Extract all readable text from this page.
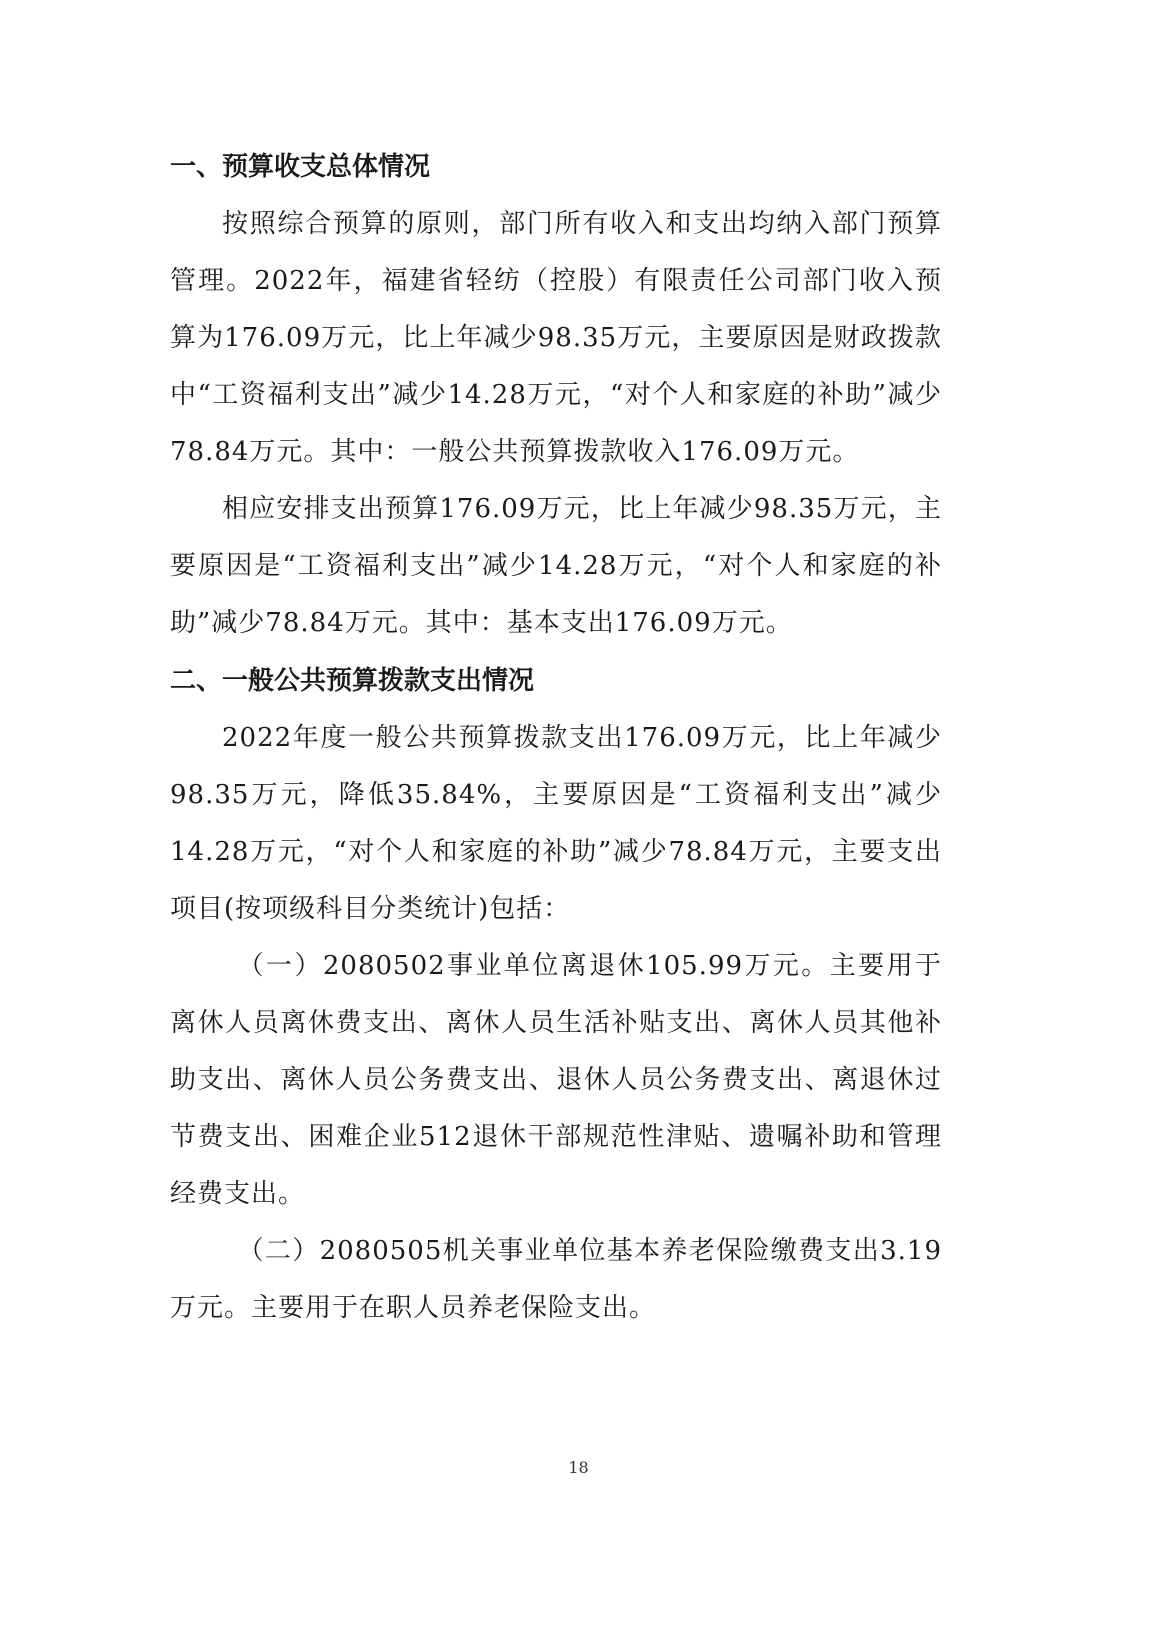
一、预算收支总体情况

按照综合预算的原则，部门所有收入和支出均纳入部门预算管理。2022年，福建省轻纺（控股）有限责任公司部门收入预算为176.09万元，比上年减少98.35万元，主要原因是财政拨款中“工资福利支出”减少14.28万元，“对个人和家庭的补助”减少78.84万元。其中：一般公共预算拨款收入176.09万元。

相应安排支出预算176.09万元，比上年减少98.35万元，主要原因是“工资福利支出”减少14.28万元，“对个人和家庭的补助”减少78.84万元。其中：基本支出176.09万元。

二、一般公共预算拨款支出情况

2022年度一般公共预算拨款支出176.09万元，比上年减少98.35万元，降低35.84%，主要原因是“工资福利支出”减少14.28万元，“对个人和家庭的补助”减少78.84万元，主要支出项目(按项级科目分类统计)包括：

（一）2080502事业单位离退休105.99万元。主要用于离休人员离休费支出、离休人员生活补贴支出、离休人员其他补助支出、离休人员公务费支出、退休人员公务费支出、离退休过节费支出、困难企业512退休干部规范性津贴、遗嘱补助和管理经费支出。

（二）2080505机关事业单位基本养老保险缴费支出3.19万元。主要用于在职人员养老保险支出。

18
